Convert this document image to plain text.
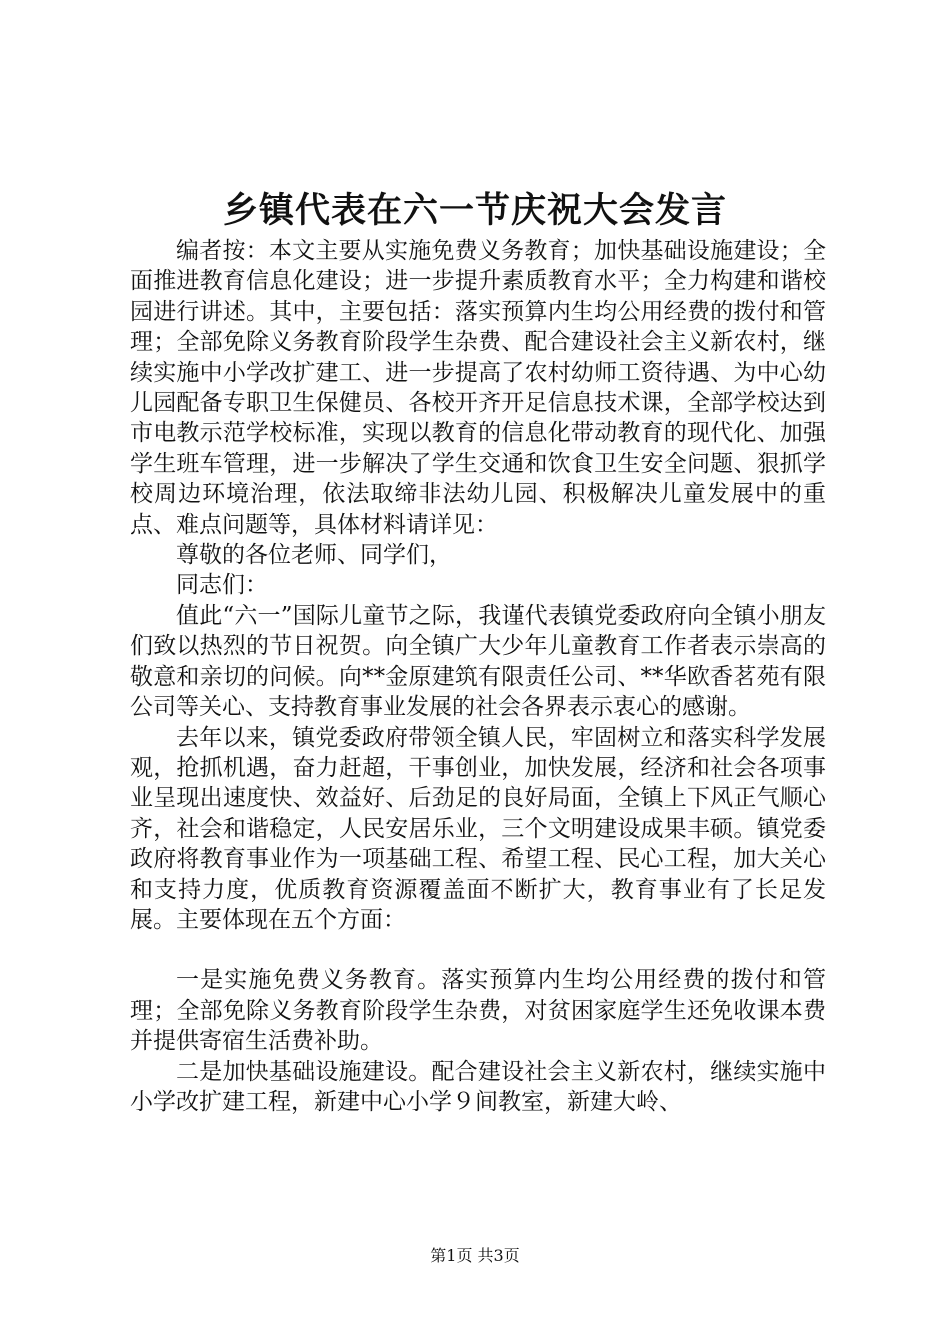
乡镇代表在六一节庆祝大会发言

编者按：本文主要从实施免费义务教育；加快基础设施建设；全面推进教育信息化建设；进一步提升素质教育水平；全力构建和谐校园进行讲述。其中，主要包括：落实预算内生均公用经费的拨付和管理；全部免除义务教育阶段学生杂费、配合建设社会主义新农村，继续实施中小学改扩建工、进一步提高了农村幼师工资待遇、为中心幼儿园配备专职卫生保健员、各校开齐开足信息技术课，全部学校达到市电教示范学校标准，实现以教育的信息化带动教育的现代化、加强学生班车管理，进一步解决了学生交通和饮食卫生安全问题、狠抓学校周边环境治理，依法取缔非法幼儿园、积极解决儿童发展中的重点、难点问题等，具体材料请详见：

尊敬的各位老师、同学们，

同志们：

值此“六一”国际儿童节之际，我谨代表镇党委政府向全镇小朋友们致以热烈的节日祝贺。向全镇广大少年儿童教育工作者表示崇高的敬意和亲切的问候。向**金原建筑有限责任公司、**华欧香茗苑有限公司等关心、支持教育事业发展的社会各界表示衷心的感谢。

去年以来，镇党委政府带领全镇人民，牢固树立和落实科学发展观，抢抓机遇，奋力赶超，干事创业，加快发展，经济和社会各项事业呈现出速度快、效益好、后劲足的良好局面，全镇上下风正气顺心齐，社会和谐稳定，人民安居乐业，三个文明建设成果丰硕。镇党委政府将教育事业作为一项基础工程、希望工程、民心工程，加大关心和支持力度，优质教育资源覆盖面不断扩大，教育事业有了长足发展。主要体现在五个方面：

一是实施免费义务教育。落实预算内生均公用经费的拨付和管理；全部免除义务教育阶段学生杂费，对贫困家庭学生还免收课本费并提供寄宿生活费补助。

二是加快基础设施建设。配合建设社会主义新农村，继续实施中小学改扩建工程，新建中心小学９间教室，新建大岭、

第1页 共3页
